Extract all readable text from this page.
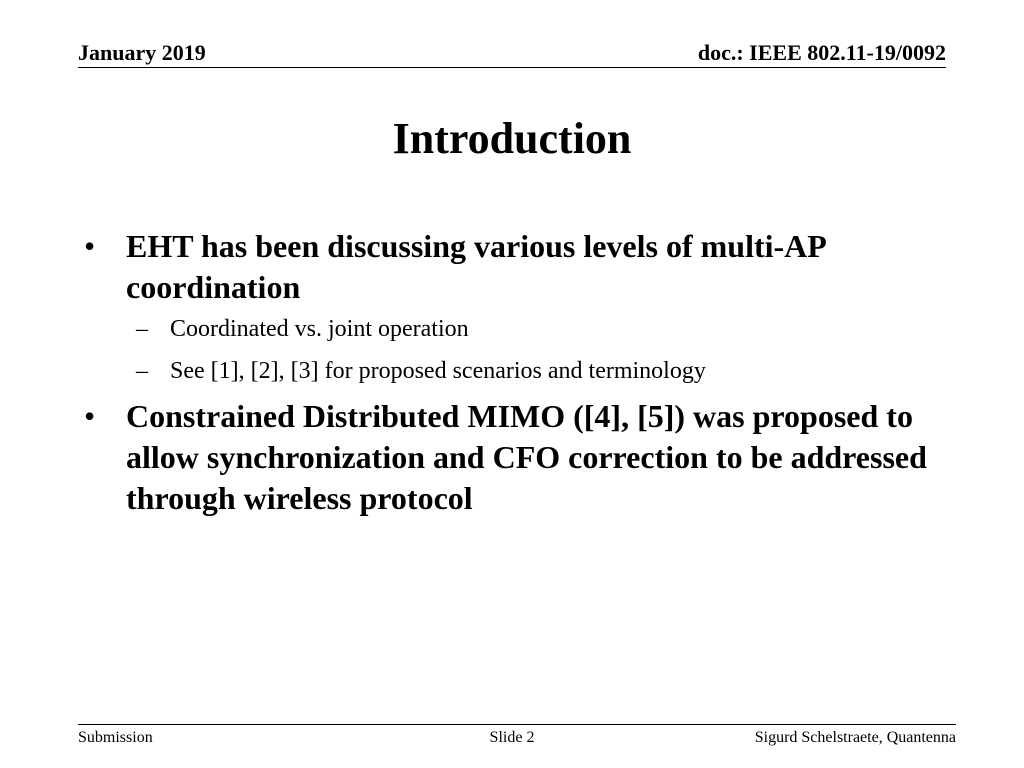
January 2019	doc.: IEEE 802.11-19/0092
Introduction
• EHT has been discussing various levels of multi-AP coordination
– Coordinated vs. joint operation
– See [1], [2], [3] for proposed scenarios and terminology
• Constrained Distributed MIMO ([4], [5]) was proposed to allow synchronization and CFO correction to be addressed through wireless protocol
Submission	Slide 2	Sigurd Schelstraete, Quantenna
